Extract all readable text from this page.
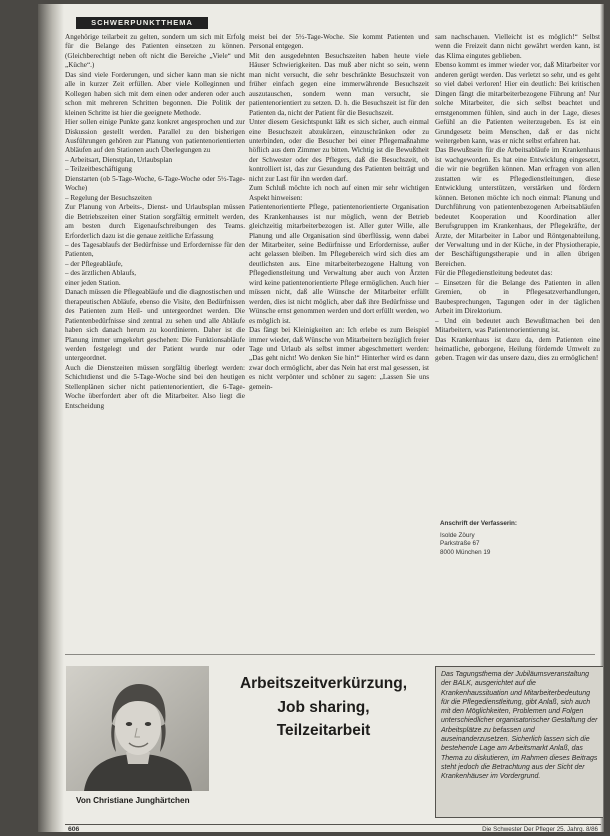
SCHWERPUNKTTHEMA

Angehörige teilarbeit zu gelten, sondern um sich mit Erfolg für die Belange des Patienten einsetzen zu können. (Gleichberechtigt neben oft nicht die Bereiche „Viele“ und „Küche“.)

Das sind viele Forderungen, und sicher kann man sie nicht alle in kurzer Zeit erfüllen. Aber viele Kolleginnen und Kollegen haben sich mit dem einen oder anderen oder auch schon mit mehreren Schritten begonnen. Die Politik der kleinen Schritte ist hier die geeignete Methode.

Hier sollen einige Punkte ganz konkret angesprochen und zur Diskussion gestellt werden. Parallel zu den bisherigen Ausführungen gehören zur Planung von patientenorientierten Abläufen auf den Stationen auch Überlegungen zu

– Arbeitsart, Dienstplan, Urlaubsplan
– Teilzeitbeschäftigung
Dienstarten (ob 5-Tage-Woche, 6-Tage-Woche oder 5½-Tage-Woche)
– Regelung der Besuchszeiten

Zur Planung von Arbeits-, Dienst- und Urlaubsplan müssen die Betriebszeiten einer Station sorgfältig ermittelt werden, am besten durch Eigenaufschreibungen des Teams. Erforderlich dazu ist die genaue zeitliche Erfassung

– des Tagesablaufs der Bedürfnisse und Erfordernisse für den Patienten,
– der Pflegeabläufe,
– des ärztlichen Ablaufs,
einer jeden Station.

Danach müssen die Pflegeabläufe und die diagnostischen und therapeutischen Abläufe, ebenso die Visite, den Bedürfnissen des Patienten zum Heil- und untergeordnet werden. Die Patientenbedürfnisse sind zentral zu sehen und alle Abläufe haben sich danach herum zu koordinieren. Daher ist die Planung immer umgekehrt geschehen: Die Funktionsabläufe werden festgelegt und der Patient wurde nur oder untergeordnet.

Auch die Dienstzeiten müssen sorgfältig überlegt werden: Schichtdienst und die 5-Tage-Woche sind bei den heutigen Stellenplänen sicher nicht patientenorientiert, die 6-Tage-Woche überfordert aber oft die Mitarbeiter. Also liegt die Entscheidung

meist bei der 5½-Tage-Woche. Sie kommt Patienten und Personal entgegen.

Mit den ausgedehnten Besuchszeiten haben heute viele Häuser Schwierigkeiten. Das muß aber nicht so sein, wenn man nicht versucht, die sehr beschränkte Besuchszeit von früher einfach gegen eine immerwährende Besuchszeit auszutauschen, sondern wenn man versucht, sie patientenorientiert zu setzen. D. h. die Besuchszeit ist für den Patienten da, nicht der Patient für die Besuchszeit.

Unter diesem Gesichtspunkt läßt es sich sicher, auch einmal eine Besuchszeit abzukürzen, einzuschränken oder zu unterbinden, oder die Besucher bei einer Pflegemaßnahme höflich aus dem Zimmer zu bitten. Wichtig ist die Bewußtheit der Schwester oder des Pflegers, daß die Besuchszeit, ob kontrolliert ist, das zur Gesundung des Patienten beiträgt und nicht zur Last für ihn werden darf.

Zum Schluß möchte ich noch auf einen mir sehr wichtigen Aspekt hinweisen:

Patientenorientierte Pflege, patientenorientierte Organisation des Krankenhauses ist nur möglich, wenn der Betrieb gleichzeitig mitarbeiterbezogen ist. Aller guter Wille, alle Planung und alle Organisation sind überflüssig, wenn dabei der Mitarbeiter, seine Bedürfnisse und Erfordernisse, außer acht gelassen bleiben. Im Pflegebereich wird sich dies am deutlichsten aus. Eine mitarbeiterbezogene Haltung von Pflegedienstleitung und Verwaltung aber auch von Ärzten wird keine patientenorientierte Pflege ermöglichen. Auch hier müssen nicht, daß alle Wünsche der Mitarbeiter erfüllt werden, dies ist nicht möglich, aber daß ihre Bedürfnisse und Wünsche ernst genommen werden und dort erfüllt werden, wo es möglich ist.

Das fängt bei Kleinigkeiten an: Ich erlebe es zum Beispiel immer wieder, daß Wünsche von Mitarbeitern bezüglich freier Tage und Urlaub als selbst immer abgeschmettert werden: „Das geht nicht! Wo denken Sie hin!“ Hinterher wird es dann zwar doch ermöglicht, aber das Nein hat erst mal gesessen, ist es nicht verpönter und schöner zu sagen: „Lassen Sie uns gemein-

sam nachschauen. Vielleicht ist es möglich!“ Selbst wenn die Freizeit dann nicht gewährt werden kann, ist das Klima eingutes geblieben.

Ebenso kommt es immer wieder vor, daß Mitarbeiter vor anderen gerügt werden. Das verletzt so sehr, und es geht so viel dabei verloren! Hier ein deutlich: Bei kritischen Dingen fängt die mitarbeiterbezogene Führung an! Nur solche Mitarbeiter, die sich selbst beachtet und ernstgenommen fühlen, sind auch in der Lage, dieses Gefühl an die Patienten weiterzugeben. Es ist ein Grundgesetz beim Menschen, daß er das nicht weitergeben kann, was er nicht selbst erfahren hat.

Das Bewußtsein für die Arbeitsabläufe im Krankenhaus ist wachgeworden. Es hat eine Entwicklung eingesetzt, die wir nie begrüßen können. Man erfragen von allen zustatten wir es Pflegedienstleitungen, diese Entwicklung unterstützen, verstärken und fördern können. Betonen möchte ich noch einmal: Planung und Durchführung von patientenbezogenen Arbeitsabläufen bedeutet Kooperation und Koordination aller Berufsgruppen im Krankenhaus, der Pflegekräfte, der Ärzte, der Mitarbeiter in Labor und Röntgenabteilung, der Verwaltung und in der Küche, in der Physiotherapie, der Beschäftigungstherapie und in allen übrigen Bereichen.

Für die Pflegedienstleitung bedeutet das:
– Einsetzen für die Belange des Patienten in allen Gremien, ob in Pflegesatzverhandlungen, Baubesprechungen, Tagungen oder in der täglichen Arbeit im Direktorium.
– Und ein bedeutet auch Bewußtmachen bei den Mitarbeitern, was Patientenorientierung ist.

Das Krankenhaus ist dazu da, dem Patienten eine heimatliche, geborgene, Heilung fördernde Umwelt zu geben. Tragen wir das unsere dazu, dies zu ermöglichen!

Anschrift der Verfasserin:
Isolde Zöury
Parkstraße 67
8000 München 19
Arbeitszeitverkürzung,
Job sharing,
Teilzeitarbeit
Von Christiane Junghärtchen
Das Tagungsthema der Jubiläumsveranstaltung der BALK, ausgerichtet auf die Krankenhaussituation und Mitarbeiterbedeutung für die Pflegedienstleitung, gibt Anlaß, sich auch mit den Möglichkeiten, Problemen und Folgen unterschiedlicher organisatorischer Gestaltung der Arbeitsplätze zu befassen und auseinanderzusetzen. Sicherlich lassen sich die bestehende Lage am Arbeitsmarkt Anlaß, das Thema zu diskutieren, im Rahmen dieses Beitrags steht jedoch die Betrachtung aus der Sicht der Krankenhäuser im Vordergrund.
606	Die Schwester Der Pfleger 25. Jahrg. 8/86
